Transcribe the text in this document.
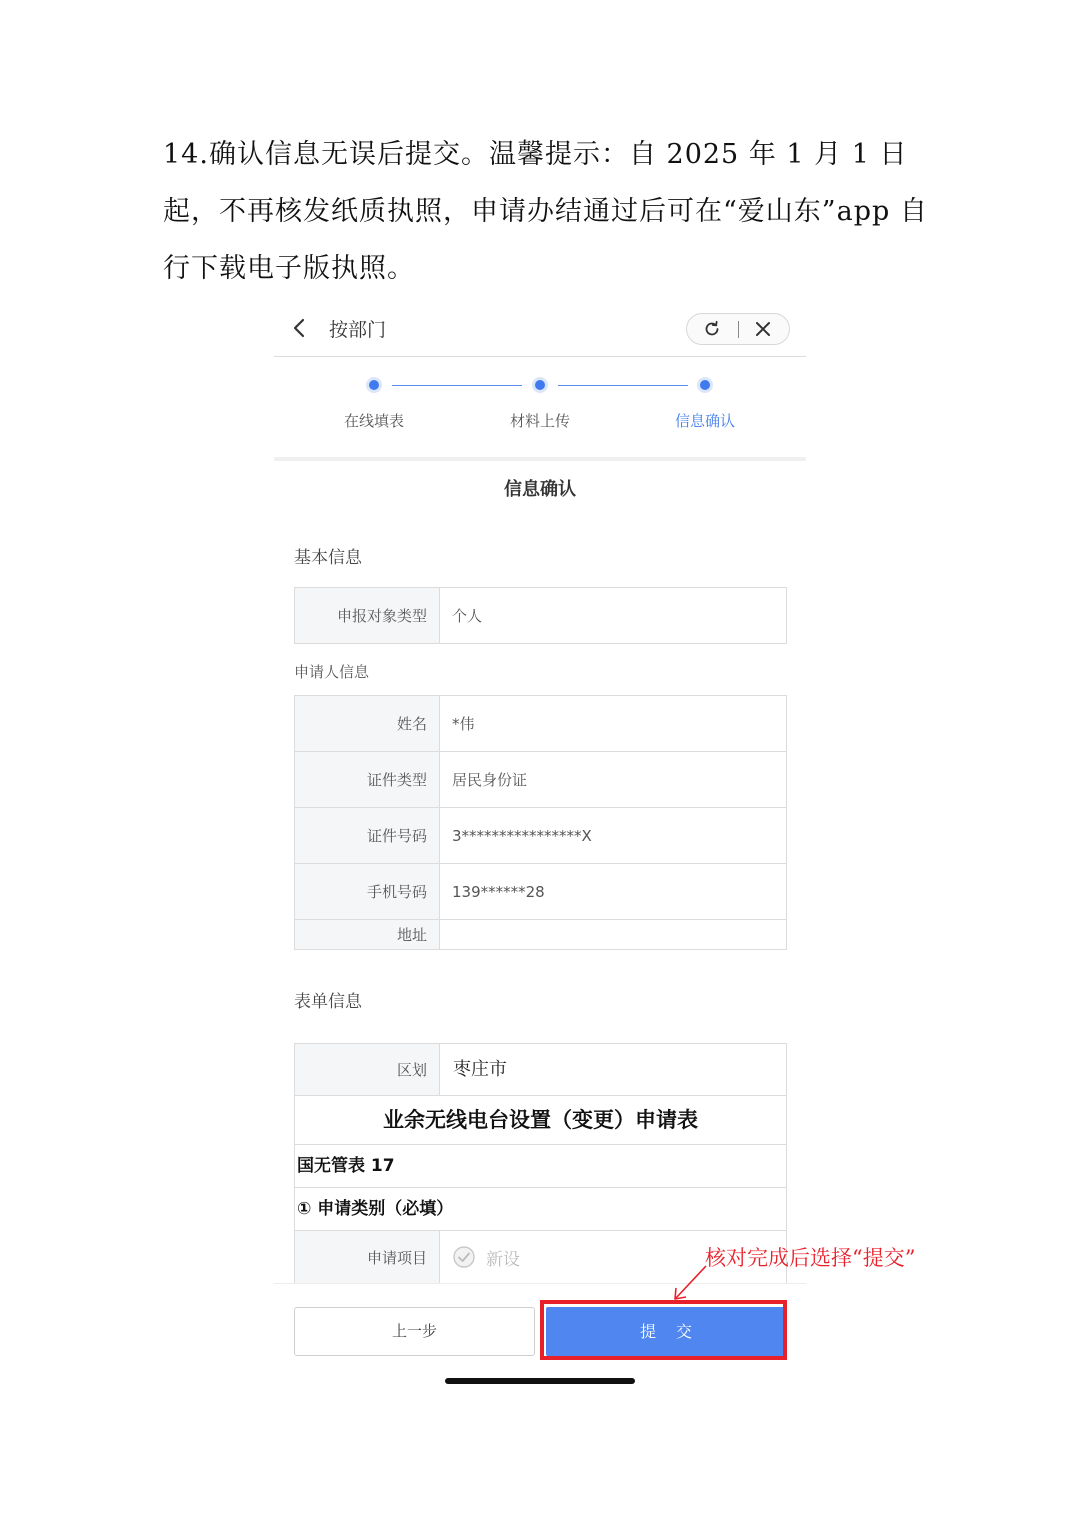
14.确认信息无误后提交。温馨提示：自 2025 年 1 月 1 日起，不再核发纸质执照，申请办结通过后可在“爱山东”app 自行下载电子版执照。

按部门
在线填表	材料上传	信息确认
信息确认
基本信息
申报对象类型	个人
申请人信息
姓名	*伟
证件类型	居民身份证
证件号码	3****************X
手机号码	139******28
地址	
表单信息
区划	枣庄市
业余无线电台设置（变更）申请表
国无管表 17
① 申请类别（必填）
申请项目	新设
上一步	提交
核对完成后选择“提交”
